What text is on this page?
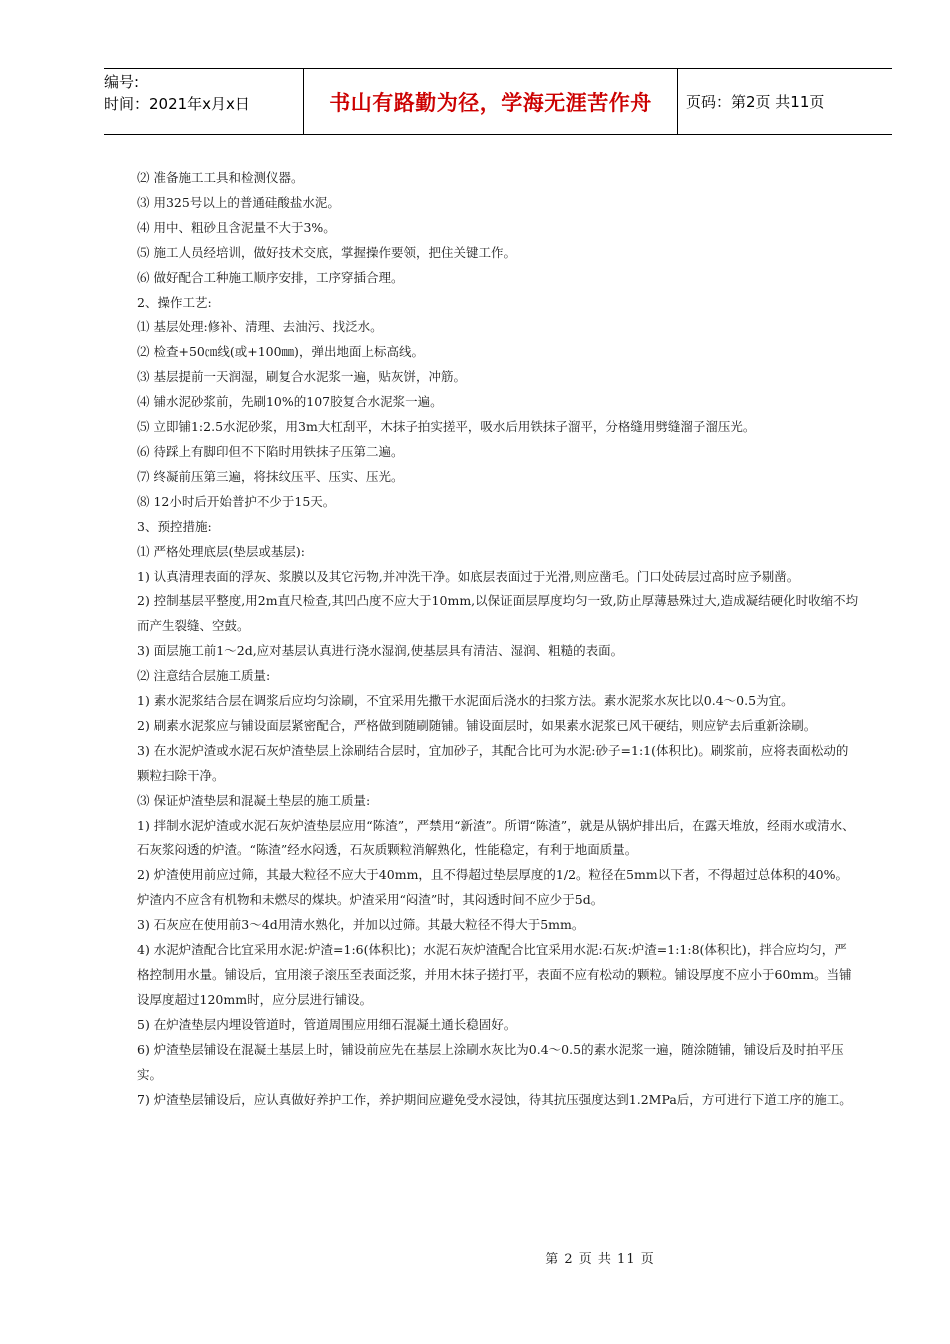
编号:
时间：2021年x月x日	书山有路勤为径，学海无涯苦作舟 页码：第2页 共11页

⑵ 准备施工工具和检测仪器。

⑶ 用325号以上的普通硅酸盐水泥。

⑷ 用中、粗砂且含泥量不大于3%。

⑸ 施工人员经培训，做好技术交底，掌握操作要领，把住关键工作。

⑹ 做好配合工种施工顺序安排，工序穿插合理。

2、操作工艺:

⑴ 基层处理:修补、清理、去油污、找泛水。

⑵ 检查+50㎝线(或+100㎜)，弹出地面上标高线。

⑶ 基层提前一天润湿，刷复合水泥浆一遍，贴灰饼，冲筋。

⑷ 铺水泥砂浆前，先刷10%的107胶复合水泥浆一遍。

⑸ 立即铺1:2.5水泥砂浆，用3m大杠刮平，木抹子拍实搓平，吸水后用铁抹子溜平，分格缝用劈缝溜子溜压光。

⑹ 待踩上有脚印但不下陷时用铁抹子压第二遍。

⑺ 终凝前压第三遍，将抹纹压平、压实、压光。

⑻ 12小时后开始普护不少于15天。

3、预控措施:

⑴ 严格处理底层(垫层或基层):

1) 认真清理表面的浮灰、浆膜以及其它污物,并冲洗干净。如底层表面过于光滑,则应凿毛。门口处砖层过高时应予剔凿。

2) 控制基层平整度,用2m直尺检查,其凹凸度不应大于10mm,以保证面层厚度均匀一致,防止厚薄悬殊过大,造成凝结硬化时收缩不均而产生裂缝、空鼓。

3) 面层施工前1～2d,应对基层认真进行浇水湿润,使基层具有清洁、湿润、粗糙的表面。

⑵ 注意结合层施工质量:

1) 素水泥浆结合层在调浆后应均匀涂刷，不宜采用先撒干水泥面后浇水的扫浆方法。素水泥浆水灰比以0.4～0.5为宜。

2) 刷素水泥浆应与铺设面层紧密配合，严格做到随刷随铺。铺设面层时，如果素水泥浆已风干硬结，则应铲去后重新涂刷。

3) 在水泥炉渣或水泥石灰炉渣垫层上涂刷结合层时，宜加砂子，其配合比可为水泥:砂子=1:1(体积比)。刷浆前，应将表面松动的颗粒扫除干净。

⑶ 保证炉渣垫层和混凝土垫层的施工质量:

1) 拌制水泥炉渣或水泥石灰炉渣垫层应用“陈渣”，严禁用“新渣”。所谓“陈渣”，就是从锅炉排出后，在露天堆放，经雨水或清水、石灰浆闷透的炉渣。“陈渣”经水闷透，石灰质颗粒消解熟化，性能稳定，有利于地面质量。

2) 炉渣使用前应过筛，其最大粒径不应大于40mm，且不得超过垫层厚度的1/2。粒径在5mm以下者，不得超过总体积的40%。炉渣内不应含有机物和未燃尽的煤块。炉渣采用“闷渣”时，其闷透时间不应少于5d。

3) 石灰应在使用前3～4d用清水熟化，并加以过筛。其最大粒径不得大于5mm。

4) 水泥炉渣配合比宜采用水泥:炉渣=1:6(体积比)；水泥石灰炉渣配合比宜采用水泥:石灰:炉渣=1:1:8(体积比)，拌合应均匀，严格控制用水量。铺设后，宜用滚子滚压至表面泛浆，并用木抹子搓打平，表面不应有松动的颗粒。铺设厚度不应小于60mm。当铺设厚度超过120mm时，应分层进行铺设。

5) 在炉渣垫层内埋设管道时，管道周围应用细石混凝土通长稳固好。

6) 炉渣垫层铺设在混凝土基层上时，铺设前应先在基层上涂刷水灰比为0.4～0.5的素水泥浆一遍，随涂随铺，铺设后及时拍平压实。

7) 炉渣垫层铺设后，应认真做好养护工作，养护期间应避免受水浸蚀，待其抗压强度达到1.2MPa后，方可进行下道工序的施工。

第 2 页 共 11 页
